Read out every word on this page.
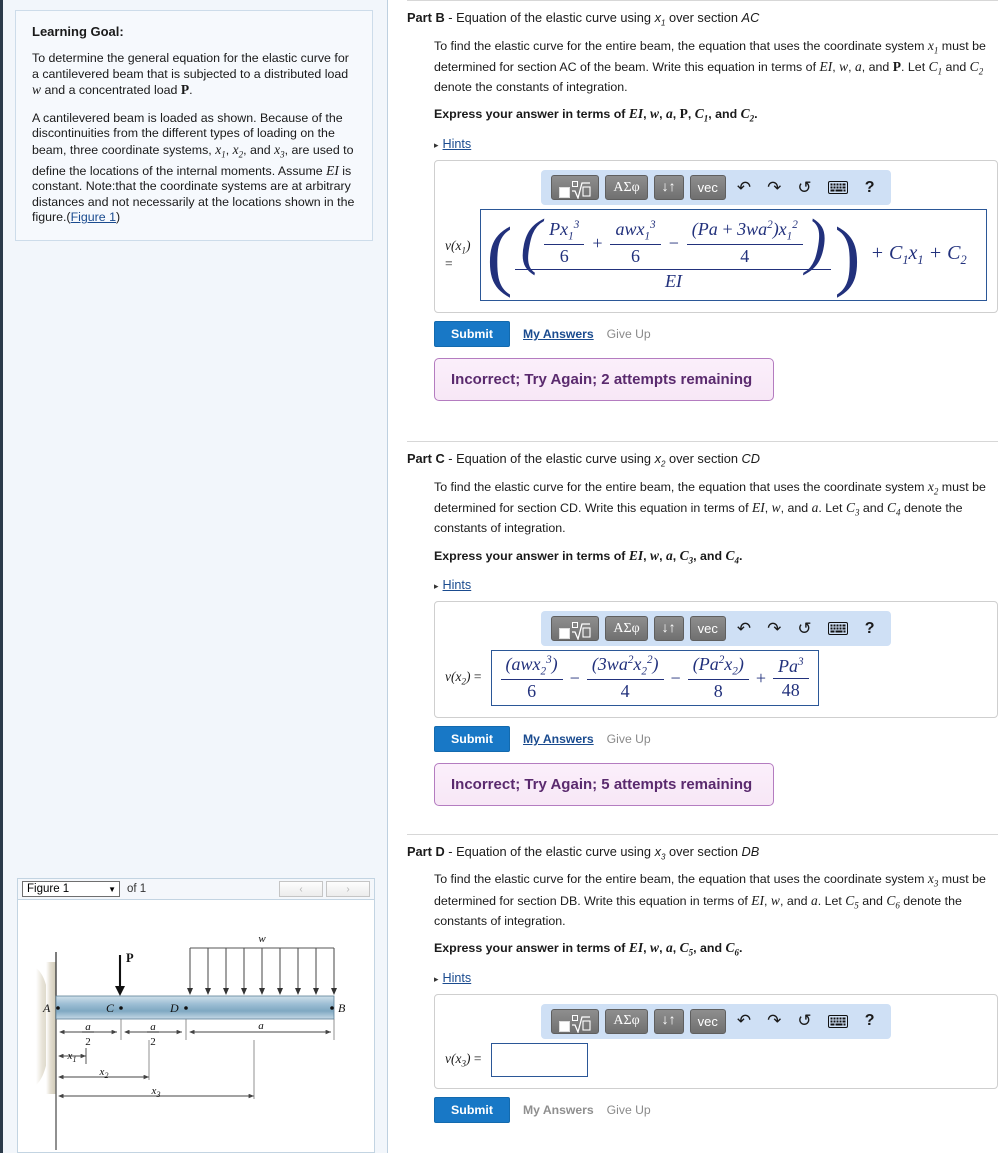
Learning Goal:

To determine the general equation for the elastic curve for a cantilevered beam that is subjected to a distributed load w and a concentrated load P.

A cantilevered beam is loaded as shown. Because of the discontinuities from the different types of loading on the beam, three coordinate systems, $x_1$, $x_2$, and $x_3$, are used to define the locations of the internal moments. Assume EI is constant. Note:that the coordinate systems are at arbitrary distances and not necessarily at the locations shown in the figure.(Figure 1)

Figure 1	▼ of 1	‹	›
w
P
A	C	D	B
a
2
a
2
a
$x_1$
$x_2$
$x_3$
Part B - Equation of the elastic curve using $x_1$ over section AC

To find the elastic curve for the entire beam, the equation that uses the coordinate system $x_1$ must be determined for section AC of the beam. Write this equation in terms of EI, w, a, and P. Let $C_1$ and $C_2$ denote the constants of integration.

Express your answer in terms of EI, w, a, P, $C_1$, and $C_2$.

▸ Hints
ΑΣφ	↓↑	vec	↶ ↷ ↺	?
$v(x_1)$
= ( ( $\frac{Px_1^3}{6} + \frac{awx_1^3}{6} - \frac{(Pa + 3wa^2)x_1^2}{4}$ )
EI	)  + $C_1x_1 + C_2$
Submit	My Answers Give Up
Incorrect; Try Again; 2 attempts remaining
Part C - Equation of the elastic curve using $x_2$ over section CD

To find the elastic curve for the entire beam, the equation that uses the coordinate system $x_2$ must be determined for section CD. Write this equation in terms of EI, w, and a. Let $C_3$ and $C_4$ denote the constants of integration.

Express your answer in terms of EI, w, a, $C_3$, and $C_4$.

▸ Hints
ΑΣφ	↓↑	vec	↶ ↷ ↺	?
$v(x_2) = \frac{(awx_2^3)}{6} - \frac{(3wa^2x_2^2)}{4} - \frac{(Pa^2x_2)}{8} + \frac{Pa^3}{48}$
Submit	My Answers Give Up
Incorrect; Try Again; 5 attempts remaining
Part D - Equation of the elastic curve using $x_3$ over section DB

To find the elastic curve for the entire beam, the equation that uses the coordinate system $x_3$ must be determined for section DB. Write this equation in terms of EI, w, and a. Let $C_5$ and $C_6$ denote the constants of integration.

Express your answer in terms of EI, w, a, $C_5$, and $C_6$.

▸ Hints
ΑΣφ	↓↑	vec	↶ ↷ ↺	?
$v(x_3)$ =
Submit	My Answers Give Up
